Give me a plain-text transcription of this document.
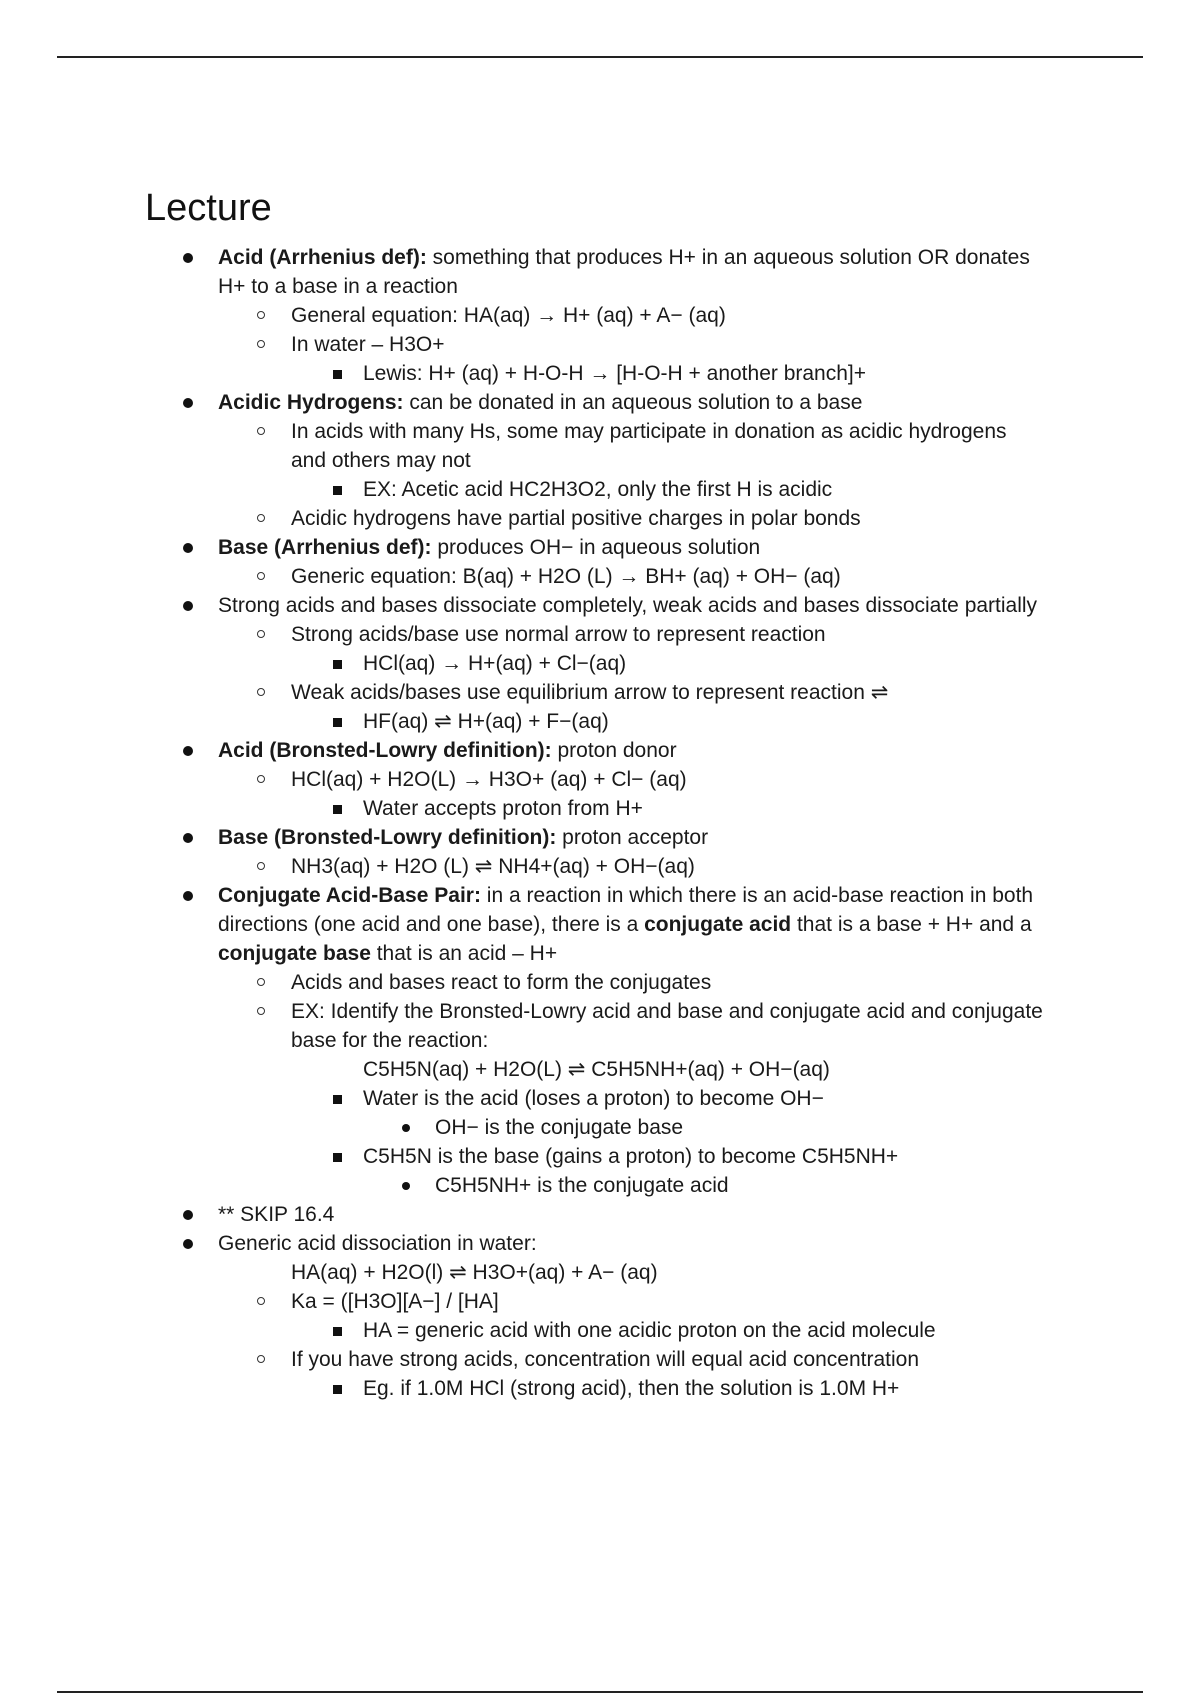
Lecture
Acid (Arrhenius def): something that produces H+ in an aqueous solution OR donates
H+ to a base in a reaction
General equation: HA(aq) → H+ (aq) + A− (aq)
In water – H3O+
Lewis: H+ (aq) + H-O-H → [H-O-H + another branch]+
Acidic Hydrogens: can be donated in an aqueous solution to a base
In acids with many Hs, some may participate in donation as acidic hydrogens
and others may not
EX: Acetic acid HC2H3O2, only the first H is acidic
Acidic hydrogens have partial positive charges in polar bonds
Base (Arrhenius def): produces OH− in aqueous solution
Generic equation: B(aq) + H2O (L) → BH+ (aq) + OH− (aq)
Strong acids and bases dissociate completely, weak acids and bases dissociate partially
Strong acids/base use normal arrow to represent reaction
HCl(aq) → H+(aq) + Cl−(aq)
Weak acids/bases use equilibrium arrow to represent reaction ⇌
HF(aq) ⇌ H+(aq) + F−(aq)
Acid (Bronsted-Lowry definition): proton donor
HCl(aq) + H2O(L) → H3O+ (aq) + Cl− (aq)
Water accepts proton from H+
Base (Bronsted-Lowry definition): proton acceptor
NH3(aq) + H2O (L) ⇌ NH4+(aq) + OH−(aq)
Conjugate Acid-Base Pair: in a reaction in which there is an acid-base reaction in both
directions (one acid and one base), there is a conjugate acid that is a base + H+ and a
conjugate base that is an acid – H+
Acids and bases react to form the conjugates
EX: Identify the Bronsted-Lowry acid and base and conjugate acid and conjugate
base for the reaction:
C5H5N(aq) + H2O(L) ⇌ C5H5NH+(aq) + OH−(aq)
Water is the acid (loses a proton) to become OH−
OH− is the conjugate base
C5H5N is the base (gains a proton) to become C5H5NH+
C5H5NH+ is the conjugate acid
** SKIP 16.4
Generic acid dissociation in water:
HA(aq) + H2O(l) ⇌ H3O+(aq) + A− (aq)
Ka = ([H3O][A−] / [HA]
HA = generic acid with one acidic proton on the acid molecule
If you have strong acids, concentration will equal acid concentration
Eg. if 1.0M HCl (strong acid), then the solution is 1.0M H+
